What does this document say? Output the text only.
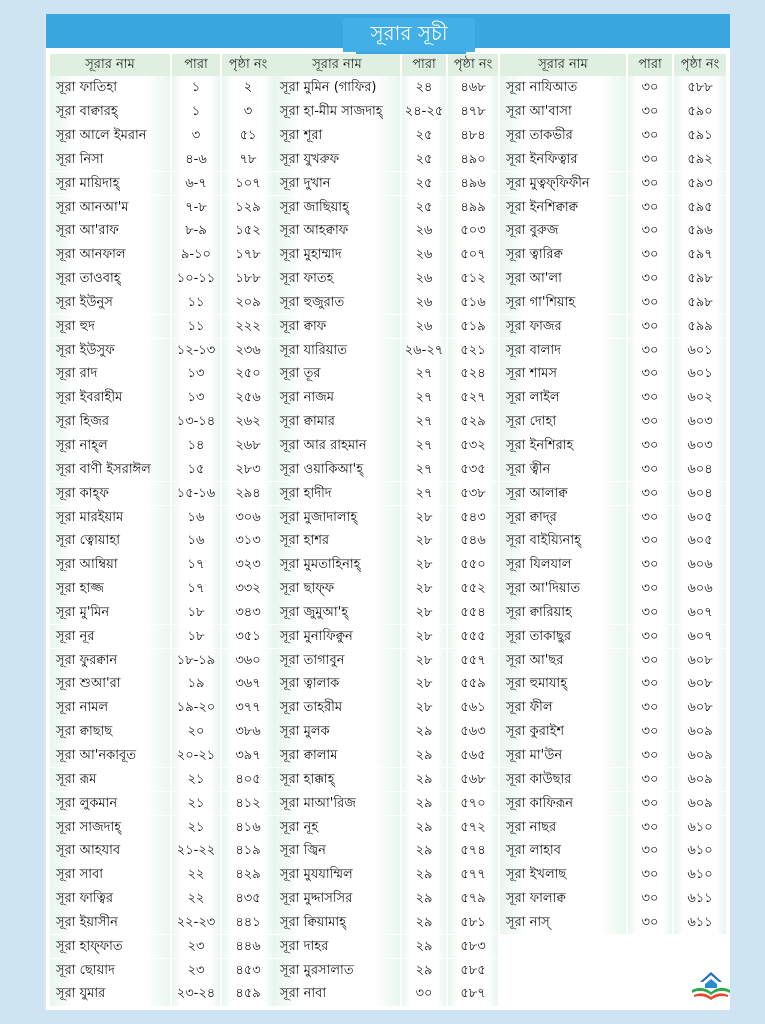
সূরার সূচী
সূরার নাম	পারা	পৃষ্ঠা নং
সূরা ফাতিহা	১	২
সূরা বাক্বারহ্	১	৩
সূরা আলে ইমরান	৩	৫১
সূরা নিসা	৪-৬	৭৮
সূরা মায়িদাহ্	৬-৭	১০৭
সূরা আনআ'ম	৭-৮	১২৯
সূরা আ'রাফ	৮-৯	১৫২
সূরা আনফাল	৯-১০	১৭৮
সূরা তাওবাহ্	১০-১১	১৮৮
সূরা ইউনুস	১১	২০৯
সূরা হুদ	১১	২২২
সূরা ইউসুফ	১২-১৩	২৩৬
সূরা রাদ	১৩	২৫০
সূরা ইবরাহীম	১৩	২৫৬
সূরা হিজর	১৩-১৪	২৬২
সূরা নাহ্‌ল	১৪	২৬৮
সূরা বাণী ইসরাঈল	১৫	২৮৩
সূরা কাহ্‌ফ	১৫-১৬	২৯৪
সূরা মারইয়াম	১৬	৩০৬
সূরা ত্বোয়াহা	১৬	৩১৩
সূরা আম্বিয়া	১৭	৩২৩
সূরা হাজ্জ	১৭	৩৩২
সূরা মু'মিন	১৮	৩৪৩
সূরা নূর	১৮	৩৫১
সূরা ফুরক্বান	১৮-১৯	৩৬০
সূরা শুআ'রা	১৯	৩৬৭
সূরা নামল	১৯-২০	৩৭৭
সূরা ক্বাছাছ	২০	৩৮৬
সূরা আ'নকাবূত	২০-২১	৩৯৭
সূরা রূম	২১	৪০৫
সূরা লুকমান	২১	৪১২
সূরা সাজদাহ্	২১	৪১৬
সূরা আহযাব	২১-২২	৪১৯
সূরা সাবা	২২	৪২৯
সূরা ফাত্বির	২২	৪৩৫
সূরা ইয়াসীন	২২-২৩	৪৪১
সূরা হাফ্‌ফাত	২৩	৪৪৬
সূরা ছোয়াদ	২৩	৪৫৩
সূরা যুমার	২৩-২৪	৪৫৯
সূরার নাম	পারা	পৃষ্ঠা নং
সূরা মুমিন (গাফির)	২৪	৪৬৮
সূরা হা-মীম সাজদাহ্	২৪-২৫	৪৭৮
সূরা শূরা	২৫	৪৮৪
সূরা যুখরুফ	২৫	৪৯০
সূরা দুখান	২৫	৪৯৬
সূরা জাছিয়াহ্	২৫	৪৯৯
সূরা আহক্বাফ	২৬	৫০৩
সূরা মুহাম্মাদ	২৬	৫০৭
সূরা ফাতহ	২৬	৫১২
সূরা হুজুরাত	২৬	৫১৬
সূরা ক্বাফ	২৬	৫১৯
সূরা যারিয়াত	২৬-২৭	৫২১
সূরা তূর	২৭	৫২৪
সূরা নাজম	২৭	৫২৭
সূরা ক্বামার	২৭	৫২৯
সূরা আর রাহমান	২৭	৫৩২
সূরা ওয়াকিআ'হ্	২৭	৫৩৫
সূরা হাদীদ	২৭	৫৩৮
সূরা মুজাদালাহ্	২৮	৫৪৩
সূরা হাশর	২৮	৫৪৬
সূরা মুমতাহিনাহ্	২৮	৫৫০
সূরা ছাফ্‌ফ	২৮	৫৫২
সূরা জুমুআ'হ্	২৮	৫৫৪
সূরা মুনাফিক্বুন	২৮	৫৫৫
সূরা তাগাবুন	২৮	৫৫৭
সূরা ত্বালাক	২৮	৫৫৯
সূরা তাহরীম	২৮	৫৬১
সূরা মুলক	২৯	৫৬৩
সূরা ক্বালাম	২৯	৫৬৫
সূরা হাক্কাহ্	২৯	৫৬৮
সূরা মাআ'রিজ	২৯	৫৭০
সূরা নূহ	২৯	৫৭২
সূরা জ্বিন	২৯	৫৭৪
সূরা মুযযাম্মিল	২৯	৫৭৭
সূরা মুদ্দাসসির	২৯	৫৭৯
সূরা ক্বিয়ামাহ্	২৯	৫৮১
সূরা দাহর	২৯	৫৮৩
সূরা মুরসালাত	২৯	৫৮৫
সূরা নাবা	৩০	৫৮৭
সূরার নাম	পারা	পৃষ্ঠা নং
সূরা নাযিআত	৩০	৫৮৮
সূরা আ'বাসা	৩০	৫৯০
সূরা তাকভীর	৩০	৫৯১
সূরা ইনফিত্বার	৩০	৫৯২
সূরা মুত্বফ্‌ফিফীন	৩০	৫৯৩
সূরা ইনশিক্বাক্ব	৩০	৫৯৫
সূরা বুরুজ	৩০	৫৯৬
সূরা ত্বারিক্ব	৩০	৫৯৭
সূরা আ'লা	৩০	৫৯৮
সূরা গা'শিয়াহ	৩০	৫৯৮
সূরা ফাজর	৩০	৫৯৯
সূরা বালাদ	৩০	৬০১
সূরা শামস	৩০	৬০১
সূরা লাইল	৩০	৬০২
সূরা দোহা	৩০	৬০৩
সূরা ইনশিরাহ	৩০	৬০৩
সূরা ত্বীন	৩০	৬০৪
সূরা আলাক্ব	৩০	৬০৪
সূরা ক্বাদ্‌র	৩০	৬০৫
সূরা বাইয়্যিনাহ্	৩০	৬০৫
সূরা যিলযাল	৩০	৬০৬
সূরা আ'দিয়াত	৩০	৬০৬
সূরা ক্বারিয়াহ	৩০	৬০৭
সূরা তাকাছুর	৩০	৬০৭
সূরা আ'ছর	৩০	৬০৮
সূরা হুমাযাহ্	৩০	৬০৮
সূরা ফীল	৩০	৬০৮
সূরা কুরাইশ	৩০	৬০৯
সূরা মা'উন	৩০	৬০৯
সূরা কাউছার	৩০	৬০৯
সূরা কাফিরূন	৩০	৬০৯
সূরা নাছর	৩০	৬১০
সূরা লাহাব	৩০	৬১০
সূরা ইখলাছ	৩০	৬১০
সূরা ফালাক্ব	৩০	৬১১
সূরা নাস্	৩০	৬১১
